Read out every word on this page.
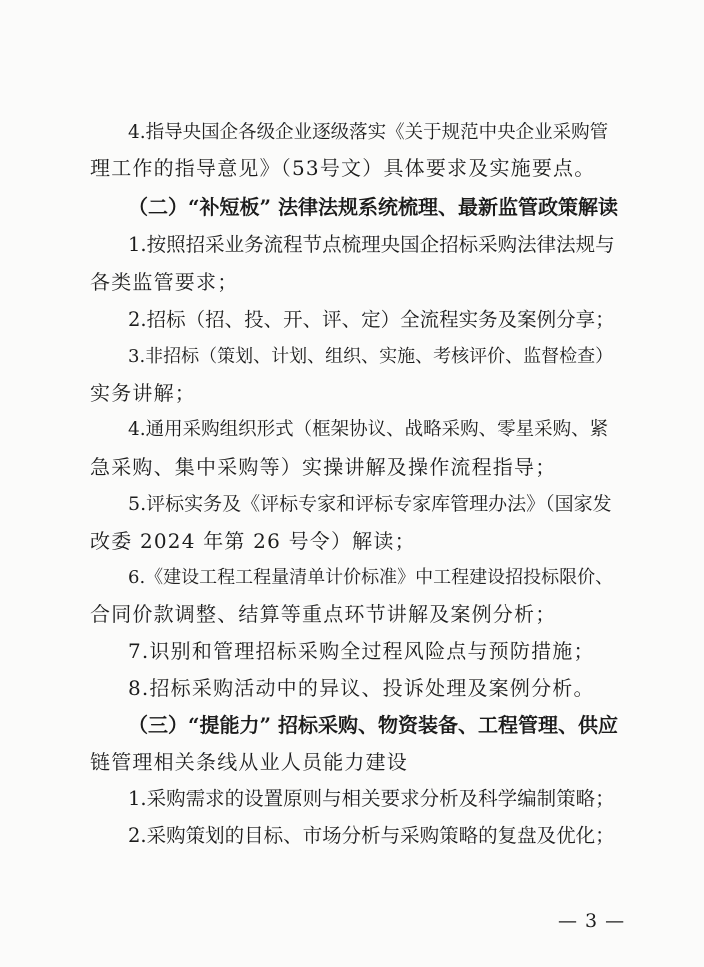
4.指导央国企各级企业逐级落实《关于规范中央企业采购管
理工作的指导意见》（53号文）具体要求及实施要点。
（二）“补短板” 法律法规系统梳理、最新监管政策解读
1.按照招采业务流程节点梳理央国企招标采购法律法规与
各类监管要求；
2.招标（招、投、开、评、定）全流程实务及案例分享；
3.非招标（策划、计划、组织、实施、考核评价、监督检查）
实务讲解；
4.通用采购组织形式（框架协议、战略采购、零星采购、紧
急采购、集中采购等）实操讲解及操作流程指导；
5.评标实务及《评标专家和评标专家库管理办法》（国家发
改委 2024 年第 26 号令）解读；
6.《建设工程工程量清单计价标准》中工程建设招投标限价、
合同价款调整、结算等重点环节讲解及案例分析；
7.识别和管理招标采购全过程风险点与预防措施；
8.招标采购活动中的异议、投诉处理及案例分析。
（三）“提能力” 招标采购、物资装备、工程管理、供应
链管理相关条线从业人员能力建设
1.采购需求的设置原则与相关要求分析及科学编制策略；
2.采购策划的目标、市场分析与采购策略的复盘及优化；
— 3 —
